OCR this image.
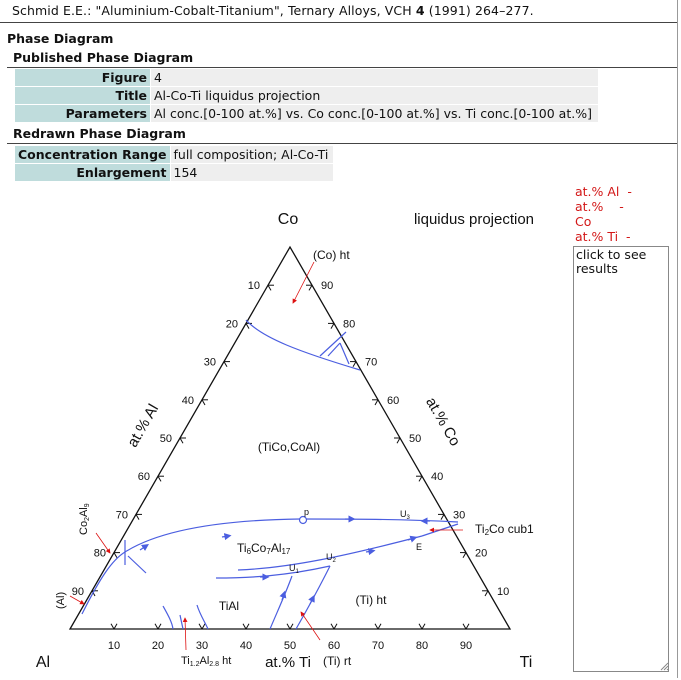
Schmid E.E.: "Aluminium-Cobalt-Titanium", Ternary Alloys, VCH 4 (1991) 264–277.
Phase Diagram
Published Phase Diagram
Figure	4
Title	Al-Co-Ti liquidus projection
Parameters	Al conc.[0-100 at.%] vs. Co conc.[0-100 at.%] vs. Ti conc.[0-100 at.%]
Redrawn Phase Diagram
Concentration Range	full composition; Al-Co-Ti
Enlargement	154
Co
Al	Ti
liquidus projection
at.% Ti
at.% Al	at.% Co
10	20	30	40	50	60	70	80	90
90
80
70
60
50
40
30
20
10	90
80
70
60
50
40
30
20
10
(Co) ht
(TiCo,CoAl)
Ti6Co7Al17
TiAl	(Ti) ht
(Ti) rt
Ti2Co cub1
Co2Al9
(Al)
Ti1.2Al2.8 ht
p
$U_1$
$U_2$
$U_3$
E
at.% Al  -
at.%    -
Co
at.% Ti  -
click to see results
